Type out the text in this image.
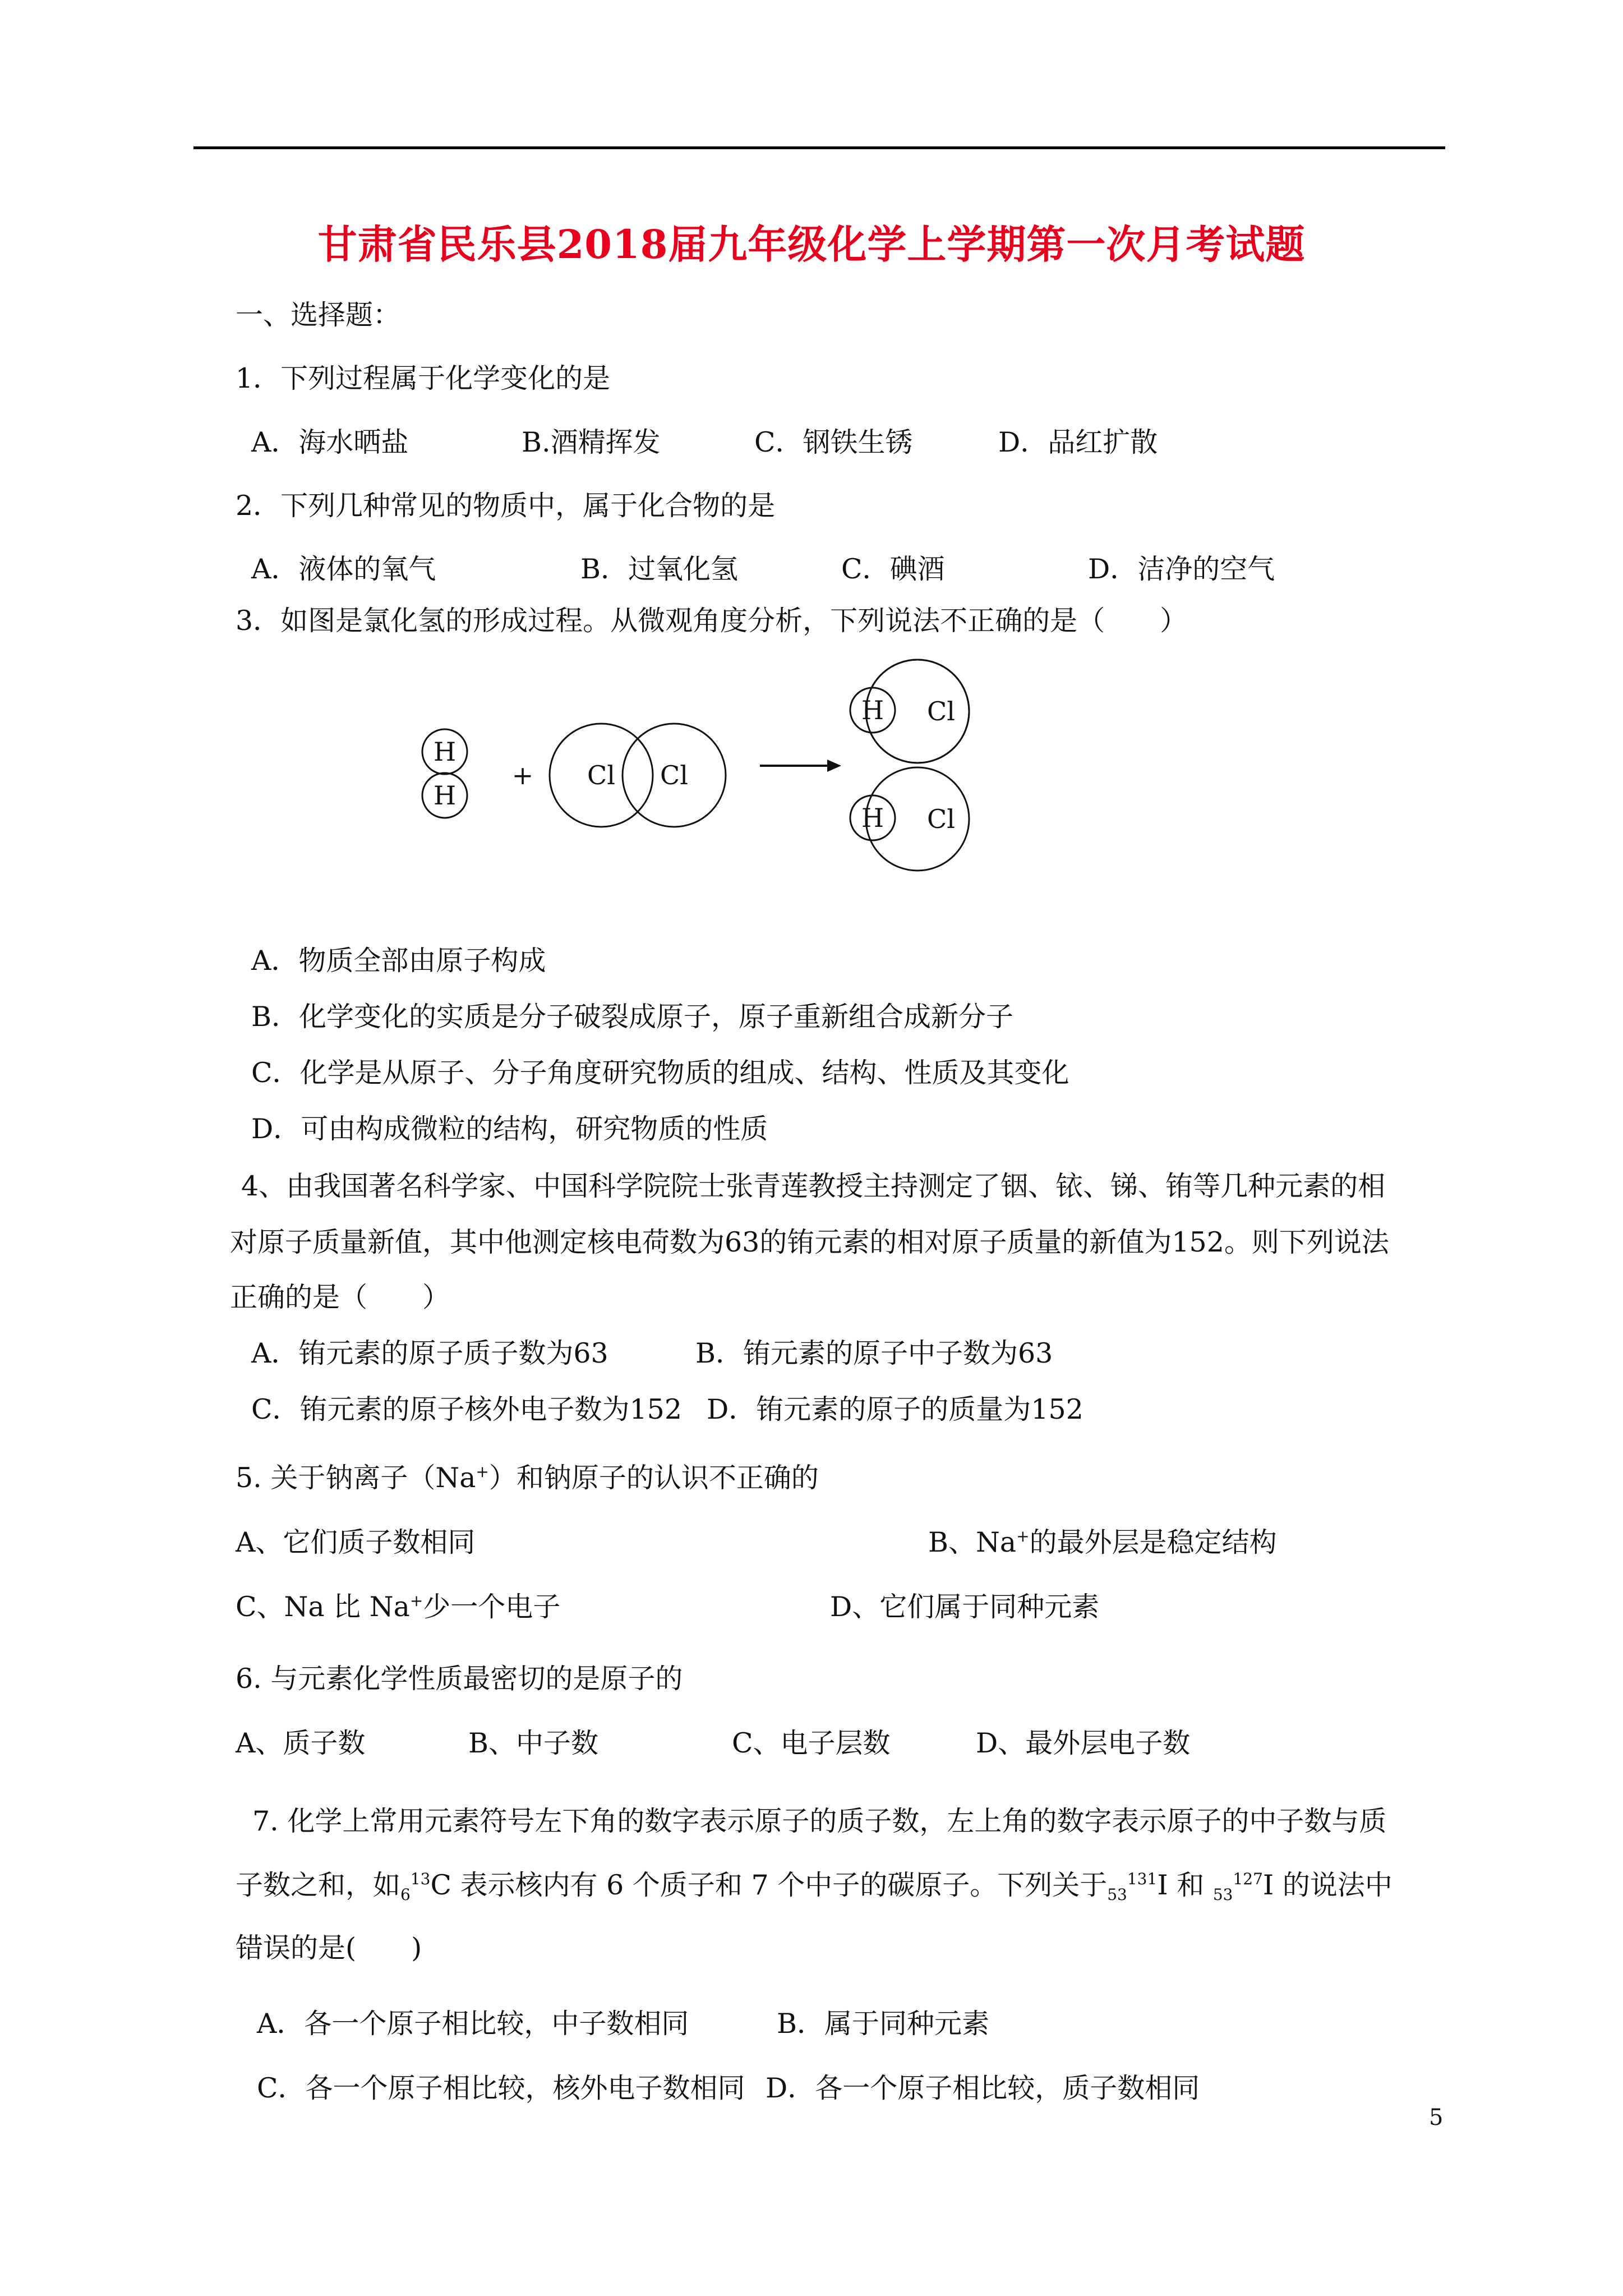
甘肃省民乐县2018届九年级化学上学期第一次月考试题
一、选择题：
1．下列过程属于化学变化的是
A．海水晒盐	B.酒精挥发	C．钢铁生锈	D．品红扩散
2．下列几种常见的物质中，属于化合物的是
A．液体的氧气	B．过氧化氢	C．碘酒	D．洁净的空气
3．如图是氯化氢的形成过程。从微观角度分析，下列说法不正确的是（　　）
H
H
+ Cl Cl
H Cl
H Cl
A．物质全部由原子构成
B．化学变化的实质是分子破裂成原子，原子重新组合成新分子
C．化学是从原子、分子角度研究物质的组成、结构、性质及其变化
D．可由构成微粒的结构，研究物质的性质
4、由我国著名科学家、中国科学院院士张青莲教授主持测定了铟、铱、锑、铕等几种元素的相
对原子质量新值，其中他测定核电荷数为63的铕元素的相对原子质量的新值为152。则下列说法
正确的是（　　）
A．铕元素的原子质子数为63	B．铕元素的原子中子数为63
C．铕元素的原子核外电子数为152 D．铕元素的原子的质量为152
5. 关于钠离子（Na+）和钠原子的认识不正确的
A、它们质子数相同	B、Na+的最外层是稳定结构
C、Na 比 Na+少一个电子	D、它们属于同种元素
6. 与元素化学性质最密切的是原子的
A、质子数	B、中子数	C、电子层数	D、最外层电子数
7. 化学上常用元素符号左下角的数字表示原子的质子数，左上角的数字表示原子的中子数与质
子数之和，如$_6^{13}$C 表示核内有 6 个质子和 7 个中子的碳原子。下列关于$_{53}^{131}$I 和 $_{53}^{127}$I 的说法中
错误的是(　　)
A．各一个原子相比较，中子数相同	B．属于同种元素
C．各一个原子相比较，核外电子数相同 D．各一个原子相比较，质子数相同
5
